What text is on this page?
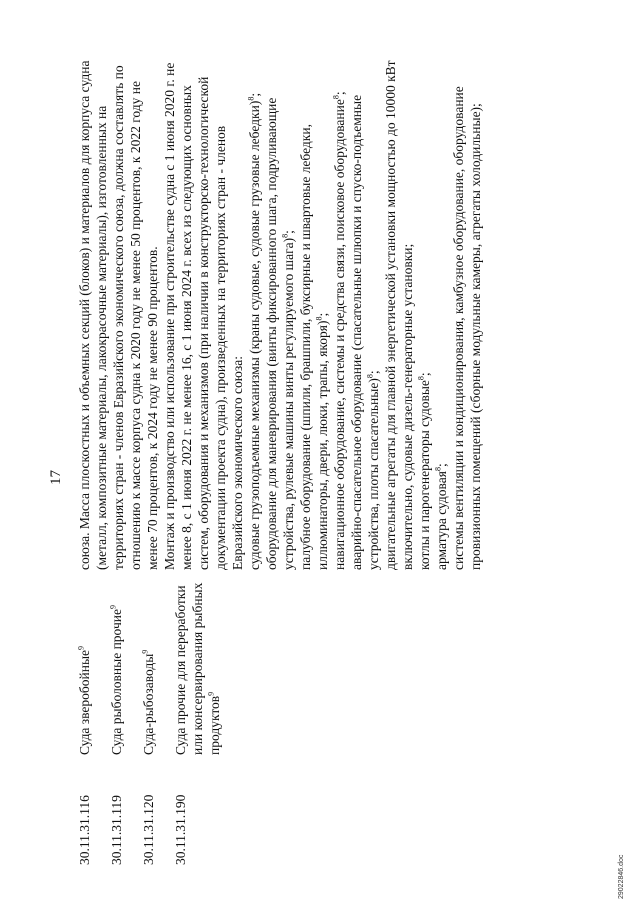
17
30.11.31.116
Суда зверобойные$^9$
30.11.31.119
Суда рыболовные прочие$^9$
30.11.31.120
Суда-рыбозаводы$^9$
30.11.31.190
Суда прочие для переработки или консервирования рыбных продуктов$^9$

союза. Масса плоскостных и объемных секций (блоков) и материалов для корпуса судна (металл, композитные материалы, лакокрасочные материалы), изготовленных на территориях стран - членов Евразийского экономического союза, должна составлять по отношению к массе корпуса судна к 2020 году не менее 50 процентов, к 2022 году не менее 70 процентов, к 2024 году не менее 90 процентов. Монтаж и производство или использование при строительстве судна с 1 июня 2020 г. не менее 8, с 1 июня 2022 г. не менее 16, с 1 июня 2024 г. всех из следующих основных систем, оборудования и механизмов (при наличии в конструкторско-технологической документации проекта судна), произведенных на территориях стран - членов Евразийского экономического союза: судовые грузоподъемные механизмы (краны судовые, судовые грузовые лебедки)$^8$;

оборудование для маневрирования (винты фиксированного шага, подруливающие устройства, рулевые машины винты регулируемого шага)$^8$; палубное оборудование (шпили, брашпили, буксирные и швартовые лебедки, иллюминаторы, двери, люки, трапы, якоря)$^8$; навигационное оборудование, системы и средства связи, поисковое оборудование$^8$;

аварийно-спасательное оборудование (спасательные шлюпки и спуско-подъемные устройства, плоты спасательные)$^8$; двигательные агрегаты для главной энергетической установки мощностью до 10000 кВт включительно, судовые дизель-генераторные установки; котлы и парогенераторы судовые$^8$;

арматура судовая$^8$; системы вентиляции и кондиционирования, камбузное оборудование, оборудование провизионных помещений (сборные модульные камеры, агрегаты холодильные);

29022846.doc
